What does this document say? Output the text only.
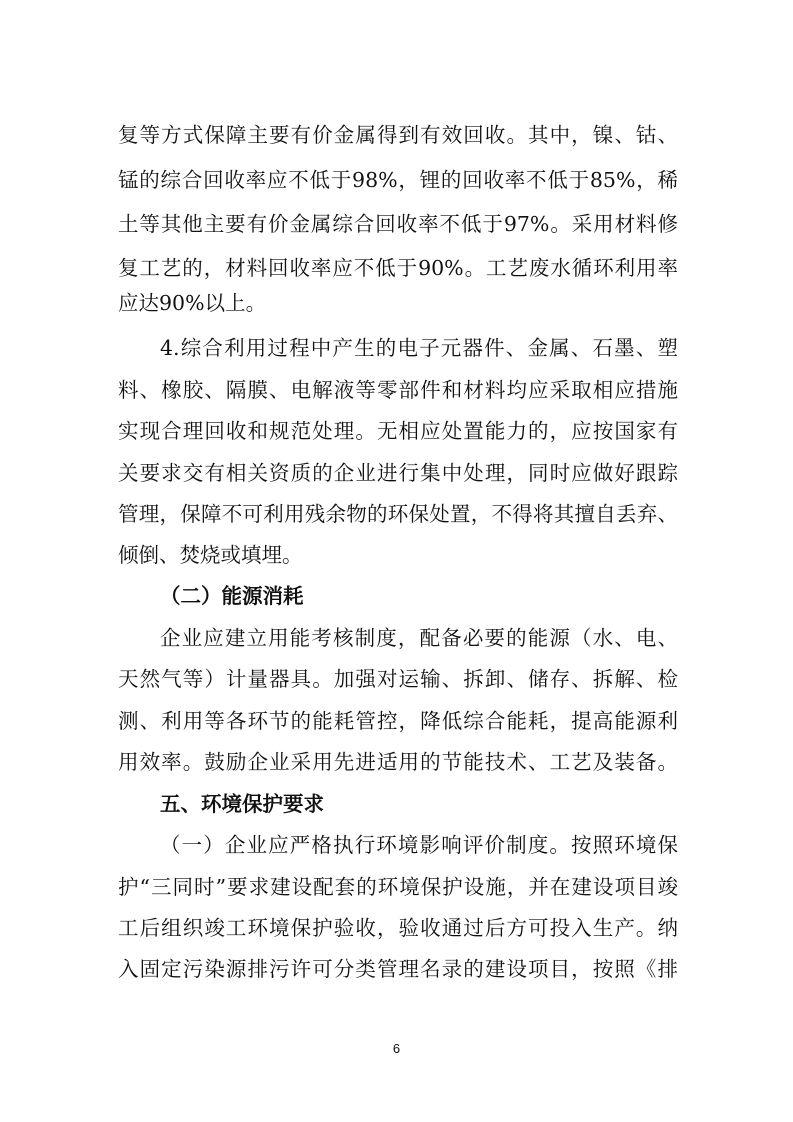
复等方式保障主要有价金属得到有效回收。其中，镍、钴、
锰的综合回收率应不低于98%，锂的回收率不低于85%，稀
土等其他主要有价金属综合回收率不低于97%。采用材料修
复工艺的，材料回收率应不低于90%。工艺废水循环利用率
应达90%以上。
4.综合利用过程中产生的电子元器件、金属、石墨、塑
料、橡胶、隔膜、电解液等零部件和材料均应采取相应措施
实现合理回收和规范处理。无相应处置能力的，应按国家有
关要求交有相关资质的企业进行集中处理，同时应做好跟踪
管理，保障不可利用残余物的环保处置，不得将其擅自丢弃、
倾倒、焚烧或填埋。
（二）能源消耗
企业应建立用能考核制度，配备必要的能源（水、电、
天然气等）计量器具。加强对运输、拆卸、储存、拆解、检
测、利用等各环节的能耗管控，降低综合能耗，提高能源利
用效率。鼓励企业采用先进适用的节能技术、工艺及装备。
五、环境保护要求
（一）企业应严格执行环境影响评价制度。按照环境保
护“三同时”要求建设配套的环境保护设施，并在建设项目竣
工后组织竣工环境保护验收，验收通过后方可投入生产。纳
入固定污染源排污许可分类管理名录的建设项目，按照《排
6
